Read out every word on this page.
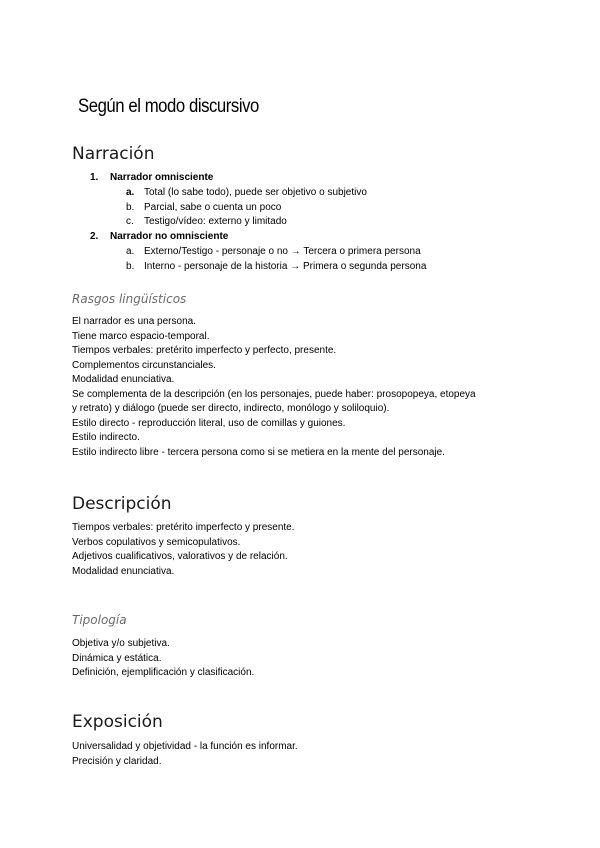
Según el modo discursivo
Narración
1. Narrador omnisciente
a. Total (lo sabe todo), puede ser objetivo o subjetivo
b. Parcial, sabe o cuenta un poco
c. Testigo/vídeo: externo y limitado
2. Narrador no omnisciente
a. Externo/Testigo - personaje o no → Tercera o primera persona
b. Interno - personaje de la historia → Primera o segunda persona
Rasgos lingüísticos
El narrador es una persona.
Tiene marco espacio-temporal.
Tiempos verbales: pretérito imperfecto y perfecto, presente.
Complementos circunstanciales.
Modalidad enunciativa.
Se complementa de la descripción (en los personajes, puede haber: prosopopeya, etopeya
y retrato) y diálogo (puede ser directo, indirecto, monólogo y soliloquio).
Estilo directo - reproducción literal, uso de comillas y guiones.
Estilo indirecto.
Estilo indirecto libre - tercera persona como si se metiera en la mente del personaje.
Descripción
Tiempos verbales: pretérito imperfecto y presente.
Verbos copulativos y semicopulativos.
Adjetivos cualificativos, valorativos y de relación.
Modalidad enunciativa.
Tipología
Objetiva y/o subjetiva.
Dinámica y estática.
Definición, ejemplificación y clasificación.
Exposición
Universalidad y objetividad - la función es informar.
Precisión y claridad.
